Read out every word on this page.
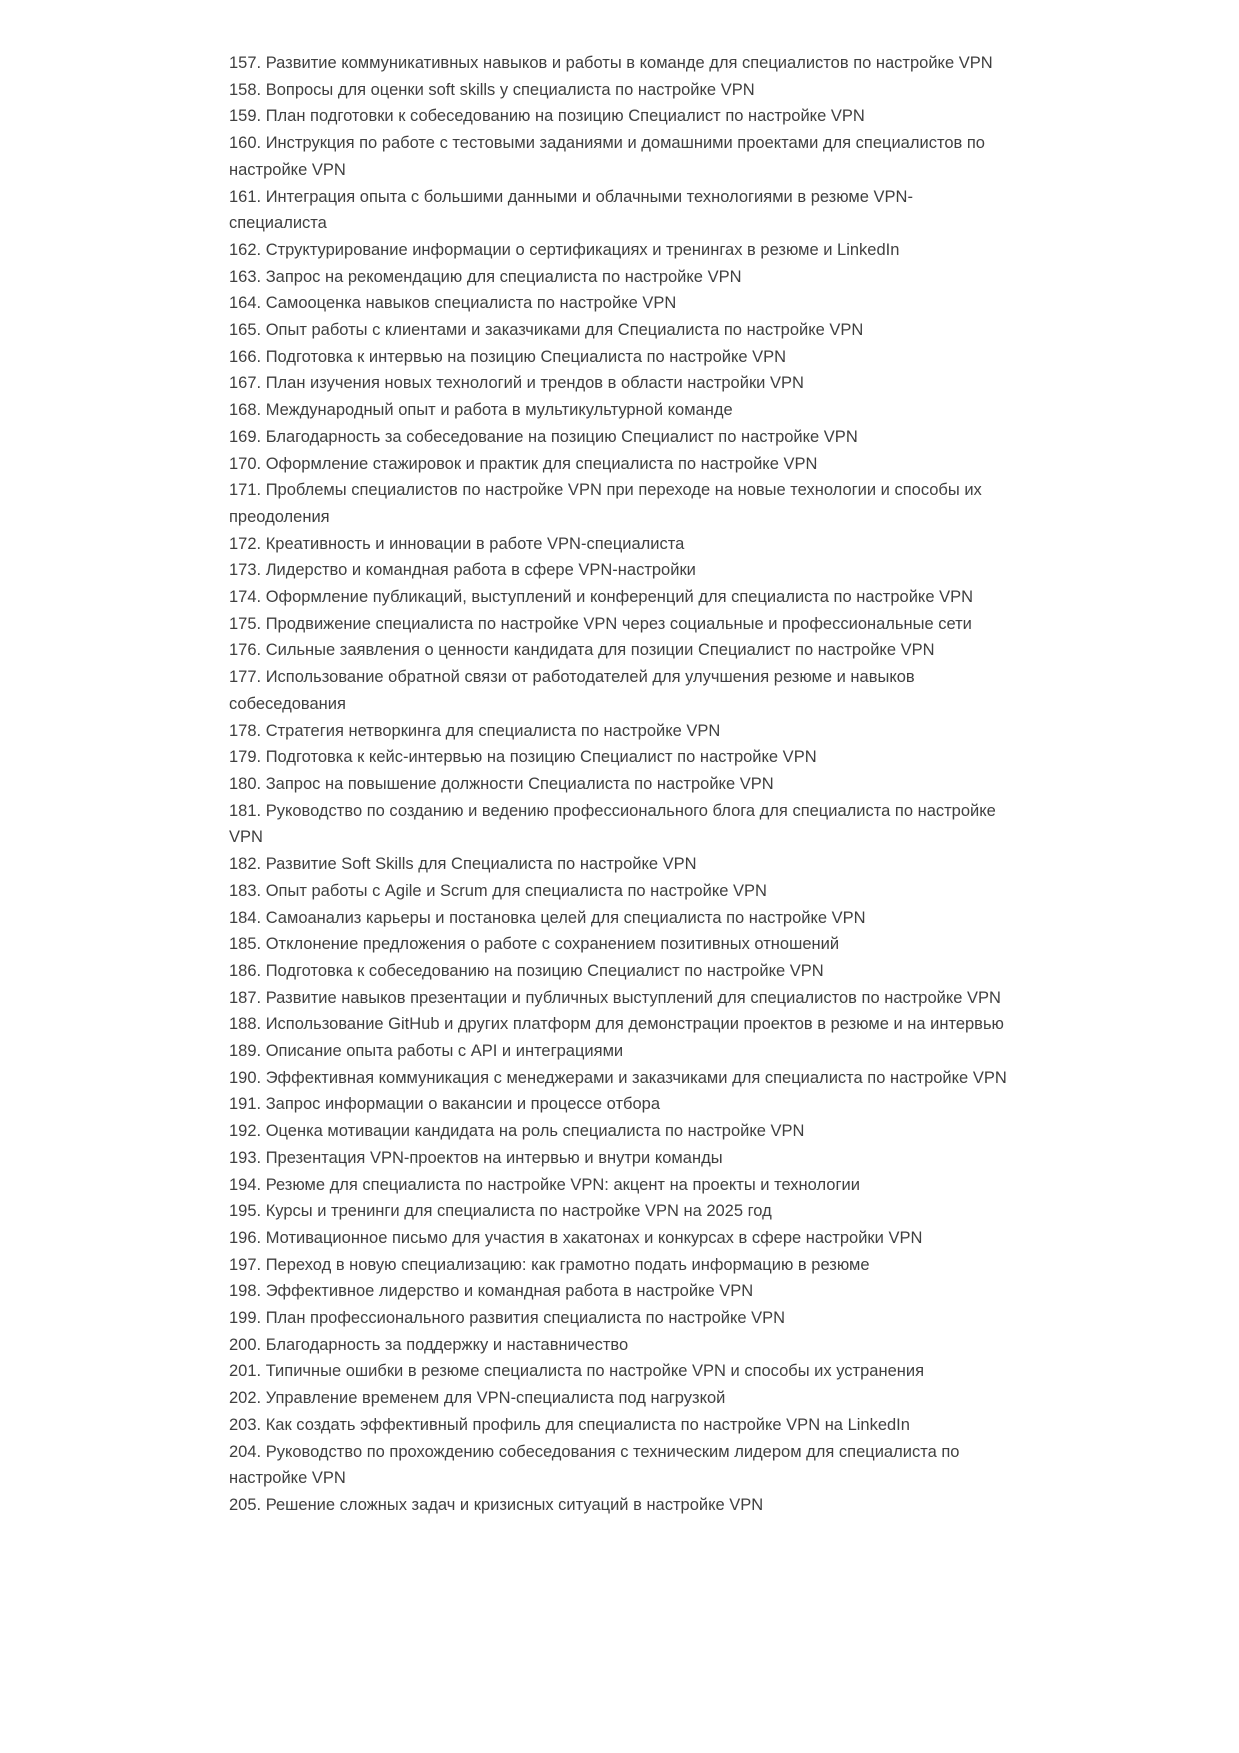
157. Развитие коммуникативных навыков и работы в команде для специалистов по настройке VPN

158. Вопросы для оценки soft skills у специалиста по настройке VPN

159. План подготовки к собеседованию на позицию Специалист по настройке VPN

160. Инструкция по работе с тестовыми заданиями и домашними проектами для специалистов по настройке VPN

161. Интеграция опыта с большими данными и облачными технологиями в резюме VPN-специалиста

162. Структурирование информации о сертификациях и тренингах в резюме и LinkedIn

163. Запрос на рекомендацию для специалиста по настройке VPN

164. Самооценка навыков специалиста по настройке VPN

165. Опыт работы с клиентами и заказчиками для Специалиста по настройке VPN

166. Подготовка к интервью на позицию Специалиста по настройке VPN

167. План изучения новых технологий и трендов в области настройки VPN

168. Международный опыт и работа в мультикультурной команде

169. Благодарность за собеседование на позицию Специалист по настройке VPN

170. Оформление стажировок и практик для специалиста по настройке VPN

171. Проблемы специалистов по настройке VPN при переходе на новые технологии и способы их преодоления

172. Креативность и инновации в работе VPN-специалиста

173. Лидерство и командная работа в сфере VPN-настройки

174. Оформление публикаций, выступлений и конференций для специалиста по настройке VPN

175. Продвижение специалиста по настройке VPN через социальные и профессиональные сети

176. Сильные заявления о ценности кандидата для позиции Специалист по настройке VPN

177. Использование обратной связи от работодателей для улучшения резюме и навыков собеседования

178. Стратегия нетворкинга для специалиста по настройке VPN

179. Подготовка к кейс-интервью на позицию Специалист по настройке VPN

180. Запрос на повышение должности Специалиста по настройке VPN

181. Руководство по созданию и ведению профессионального блога для специалиста по настройке VPN

182. Развитие Soft Skills для Специалиста по настройке VPN

183. Опыт работы с Agile и Scrum для специалиста по настройке VPN

184. Самоанализ карьеры и постановка целей для специалиста по настройке VPN

185. Отклонение предложения о работе с сохранением позитивных отношений

186. Подготовка к собеседованию на позицию Специалист по настройке VPN

187. Развитие навыков презентации и публичных выступлений для специалистов по настройке VPN

188. Использование GitHub и других платформ для демонстрации проектов в резюме и на интервью

189. Описание опыта работы с API и интеграциями

190. Эффективная коммуникация с менеджерами и заказчиками для специалиста по настройке VPN

191. Запрос информации о вакансии и процессе отбора

192. Оценка мотивации кандидата на роль специалиста по настройке VPN

193. Презентация VPN-проектов на интервью и внутри команды

194. Резюме для специалиста по настройке VPN: акцент на проекты и технологии

195. Курсы и тренинги для специалиста по настройке VPN на 2025 год

196. Мотивационное письмо для участия в хакатонах и конкурсах в сфере настройки VPN

197. Переход в новую специализацию: как грамотно подать информацию в резюме

198. Эффективное лидерство и командная работа в настройке VPN

199. План профессионального развития специалиста по настройке VPN

200. Благодарность за поддержку и наставничество

201. Типичные ошибки в резюме специалиста по настройке VPN и способы их устранения

202. Управление временем для VPN-специалиста под нагрузкой

203. Как создать эффективный профиль для специалиста по настройке VPN на LinkedIn

204. Руководство по прохождению собеседования с техническим лидером для специалиста по настройке VPN

205. Решение сложных задач и кризисных ситуаций в настройке VPN
